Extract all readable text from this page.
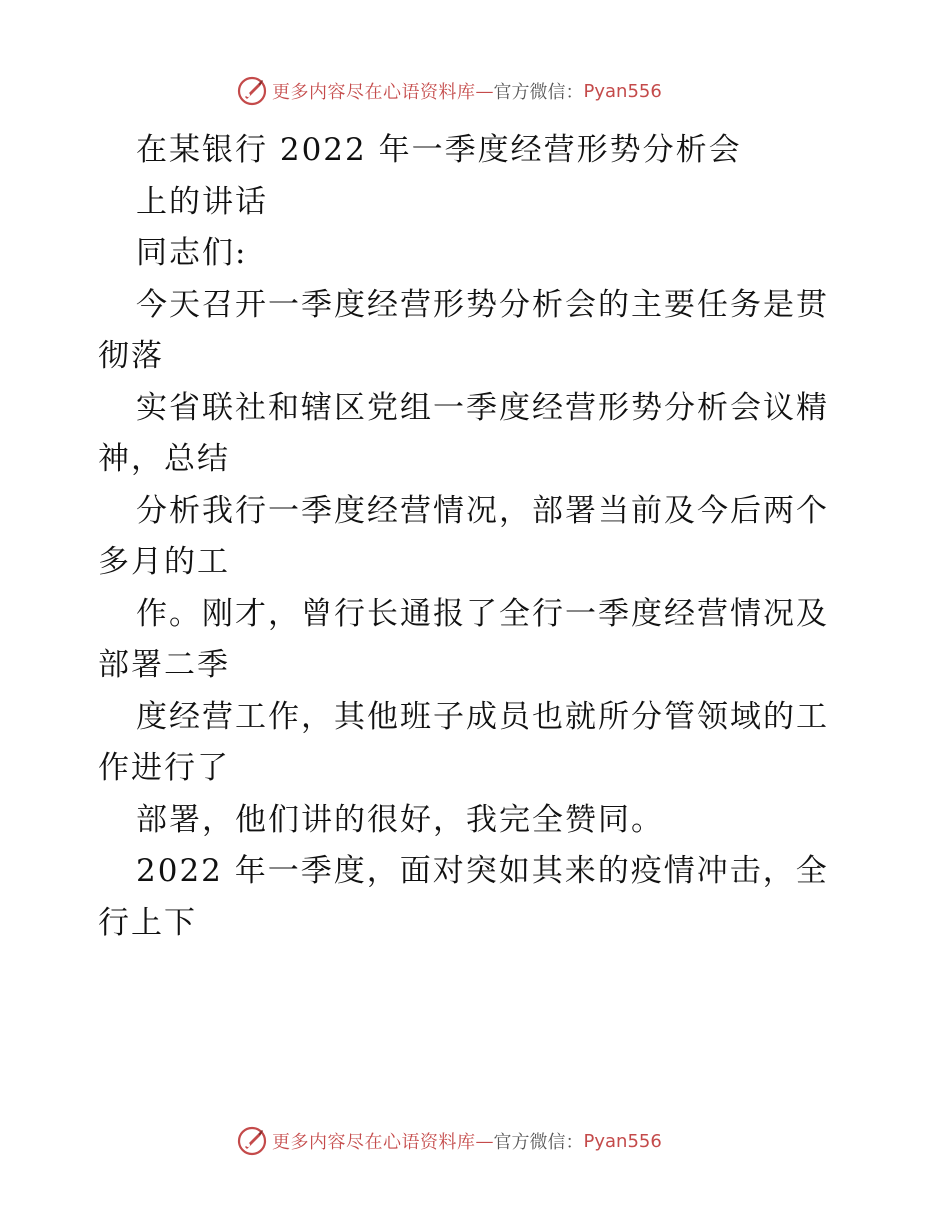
更多内容尽在心语资料库 — 官方微信： Pyan556
在某银行 2022 年一季度经营形势分析会
上的讲话
同志们:
今天召开一季度经营形势分析会的主要任务是贯
彻落
实省联社和辖区党组一季度经营形势分析会议精
神，总结
分析我行一季度经营情况，部署当前及今后两个
多月的工
作。刚才，曾行长通报了全行一季度经营情况及
部署二季
度经营工作，其他班子成员也就所分管领域的工
作进行了
部署，他们讲的很好，我完全赞同。
2022 年一季度，面对突如其来的疫情冲击，全
行上下
更多内容尽在心语资料库 — 官方微信： Pyan556
